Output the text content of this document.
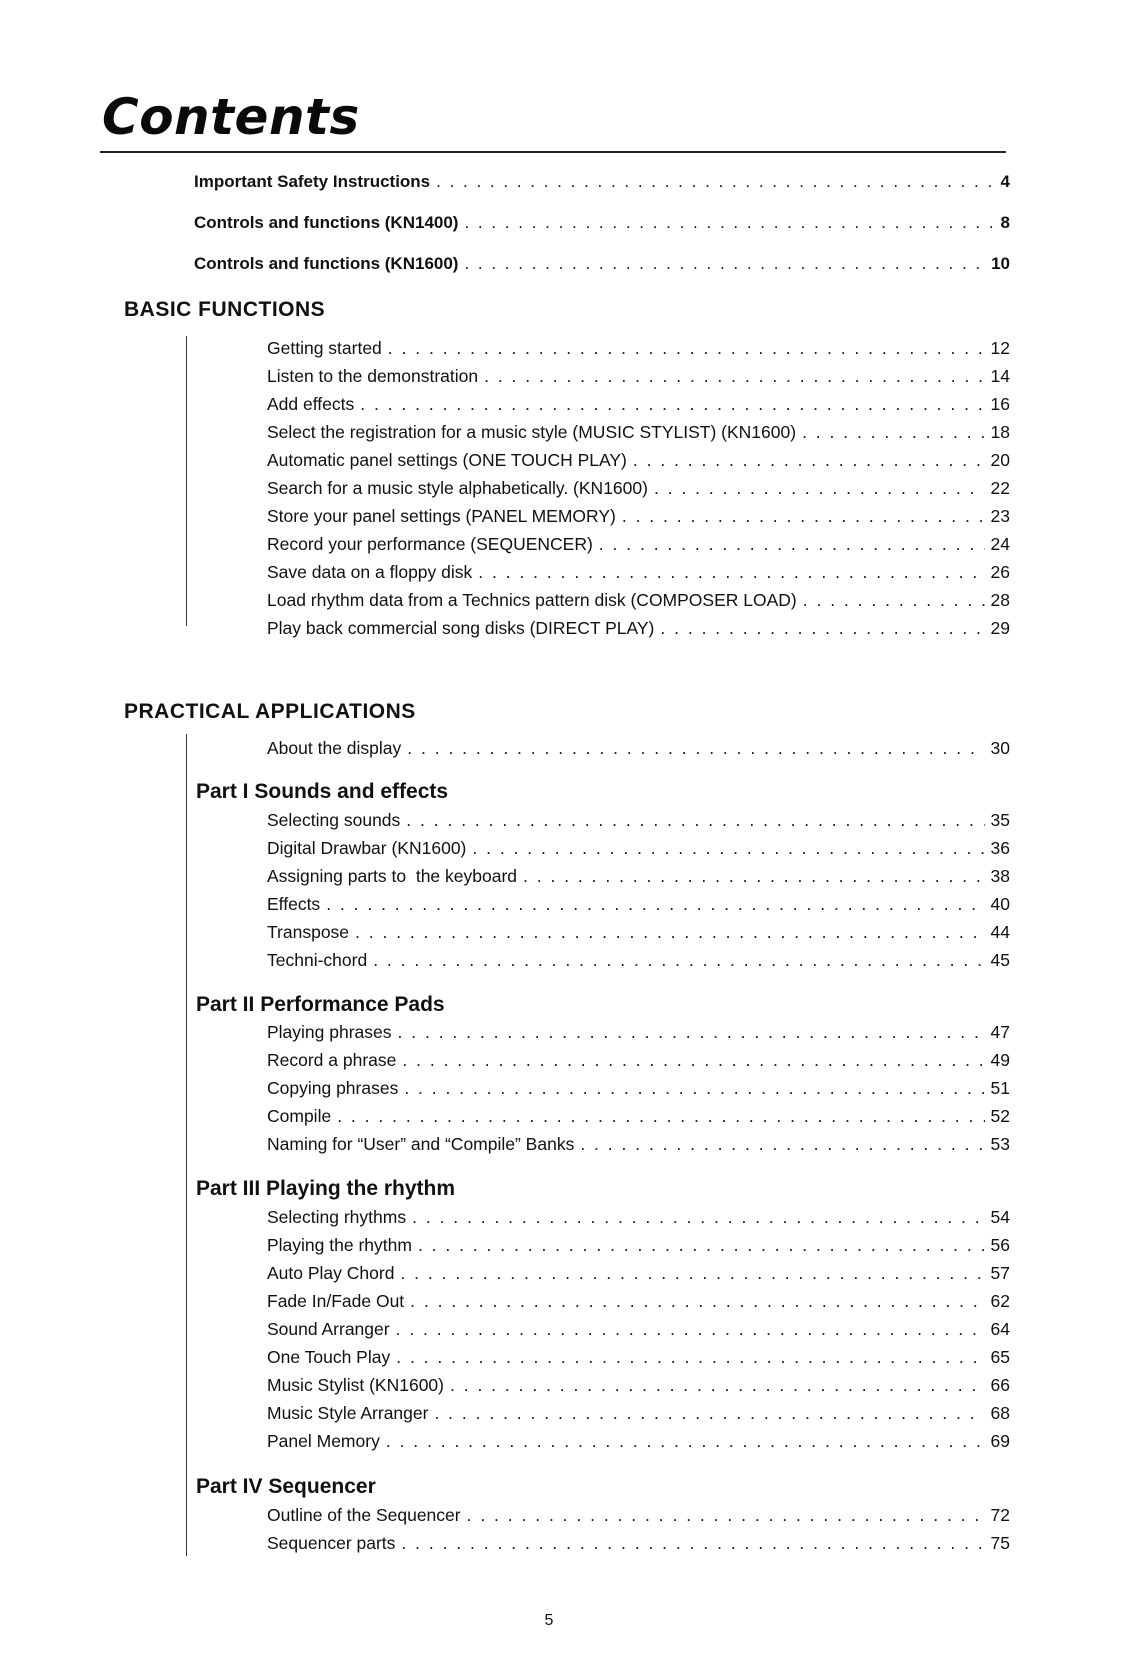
Contents
Important Safety Instructions . . .	4
Controls and functions (KN1400) . . .	8
Controls and functions (KN1600) . . .	10
BASIC FUNCTIONS
Getting started . . .	12
Listen to the demonstration . . .	14
Add effects . . .	16
Select the registration for a music style (MUSIC STYLIST) (KN1600) . . .	18
Automatic panel settings (ONE TOUCH PLAY) . . .	20
Search for a music style alphabetically. (KN1600) . . .	22
Store your panel settings (PANEL MEMORY) . . .	23
Record your performance (SEQUENCER) . . .	24
Save data on a floppy disk . . .	26
Load rhythm data from a Technics pattern disk (COMPOSER LOAD) . . .	28
Play back commercial song disks (DIRECT PLAY) . . .	29
PRACTICAL APPLICATIONS
About the display . . .	30
Part I Sounds and effects
Selecting sounds . . .	35
Digital Drawbar (KN1600) . . .	36
Assigning parts to  the keyboard . . .	38
Effects . . .	40
Transpose . . .	44
Techni-chord . . .	45
Part II Performance Pads
Playing phrases . . .	47
Record a phrase . . .	49
Copying phrases . . .	51
Compile . . .	52
Naming for “User” and “Compile” Banks . . .	53
Part III Playing the rhythm
Selecting rhythms . . .	54
Playing the rhythm . . .	56
Auto Play Chord . . .	57
Fade In/Fade Out . . .	62
Sound Arranger . . .	64
One Touch Play . . .	65
Music Stylist (KN1600) . . .	66
Music Style Arranger . . .	68
Panel Memory . . .	69
Part IV Sequencer
Outline of the Sequencer . . .	72
Sequencer parts . . .	75
5
